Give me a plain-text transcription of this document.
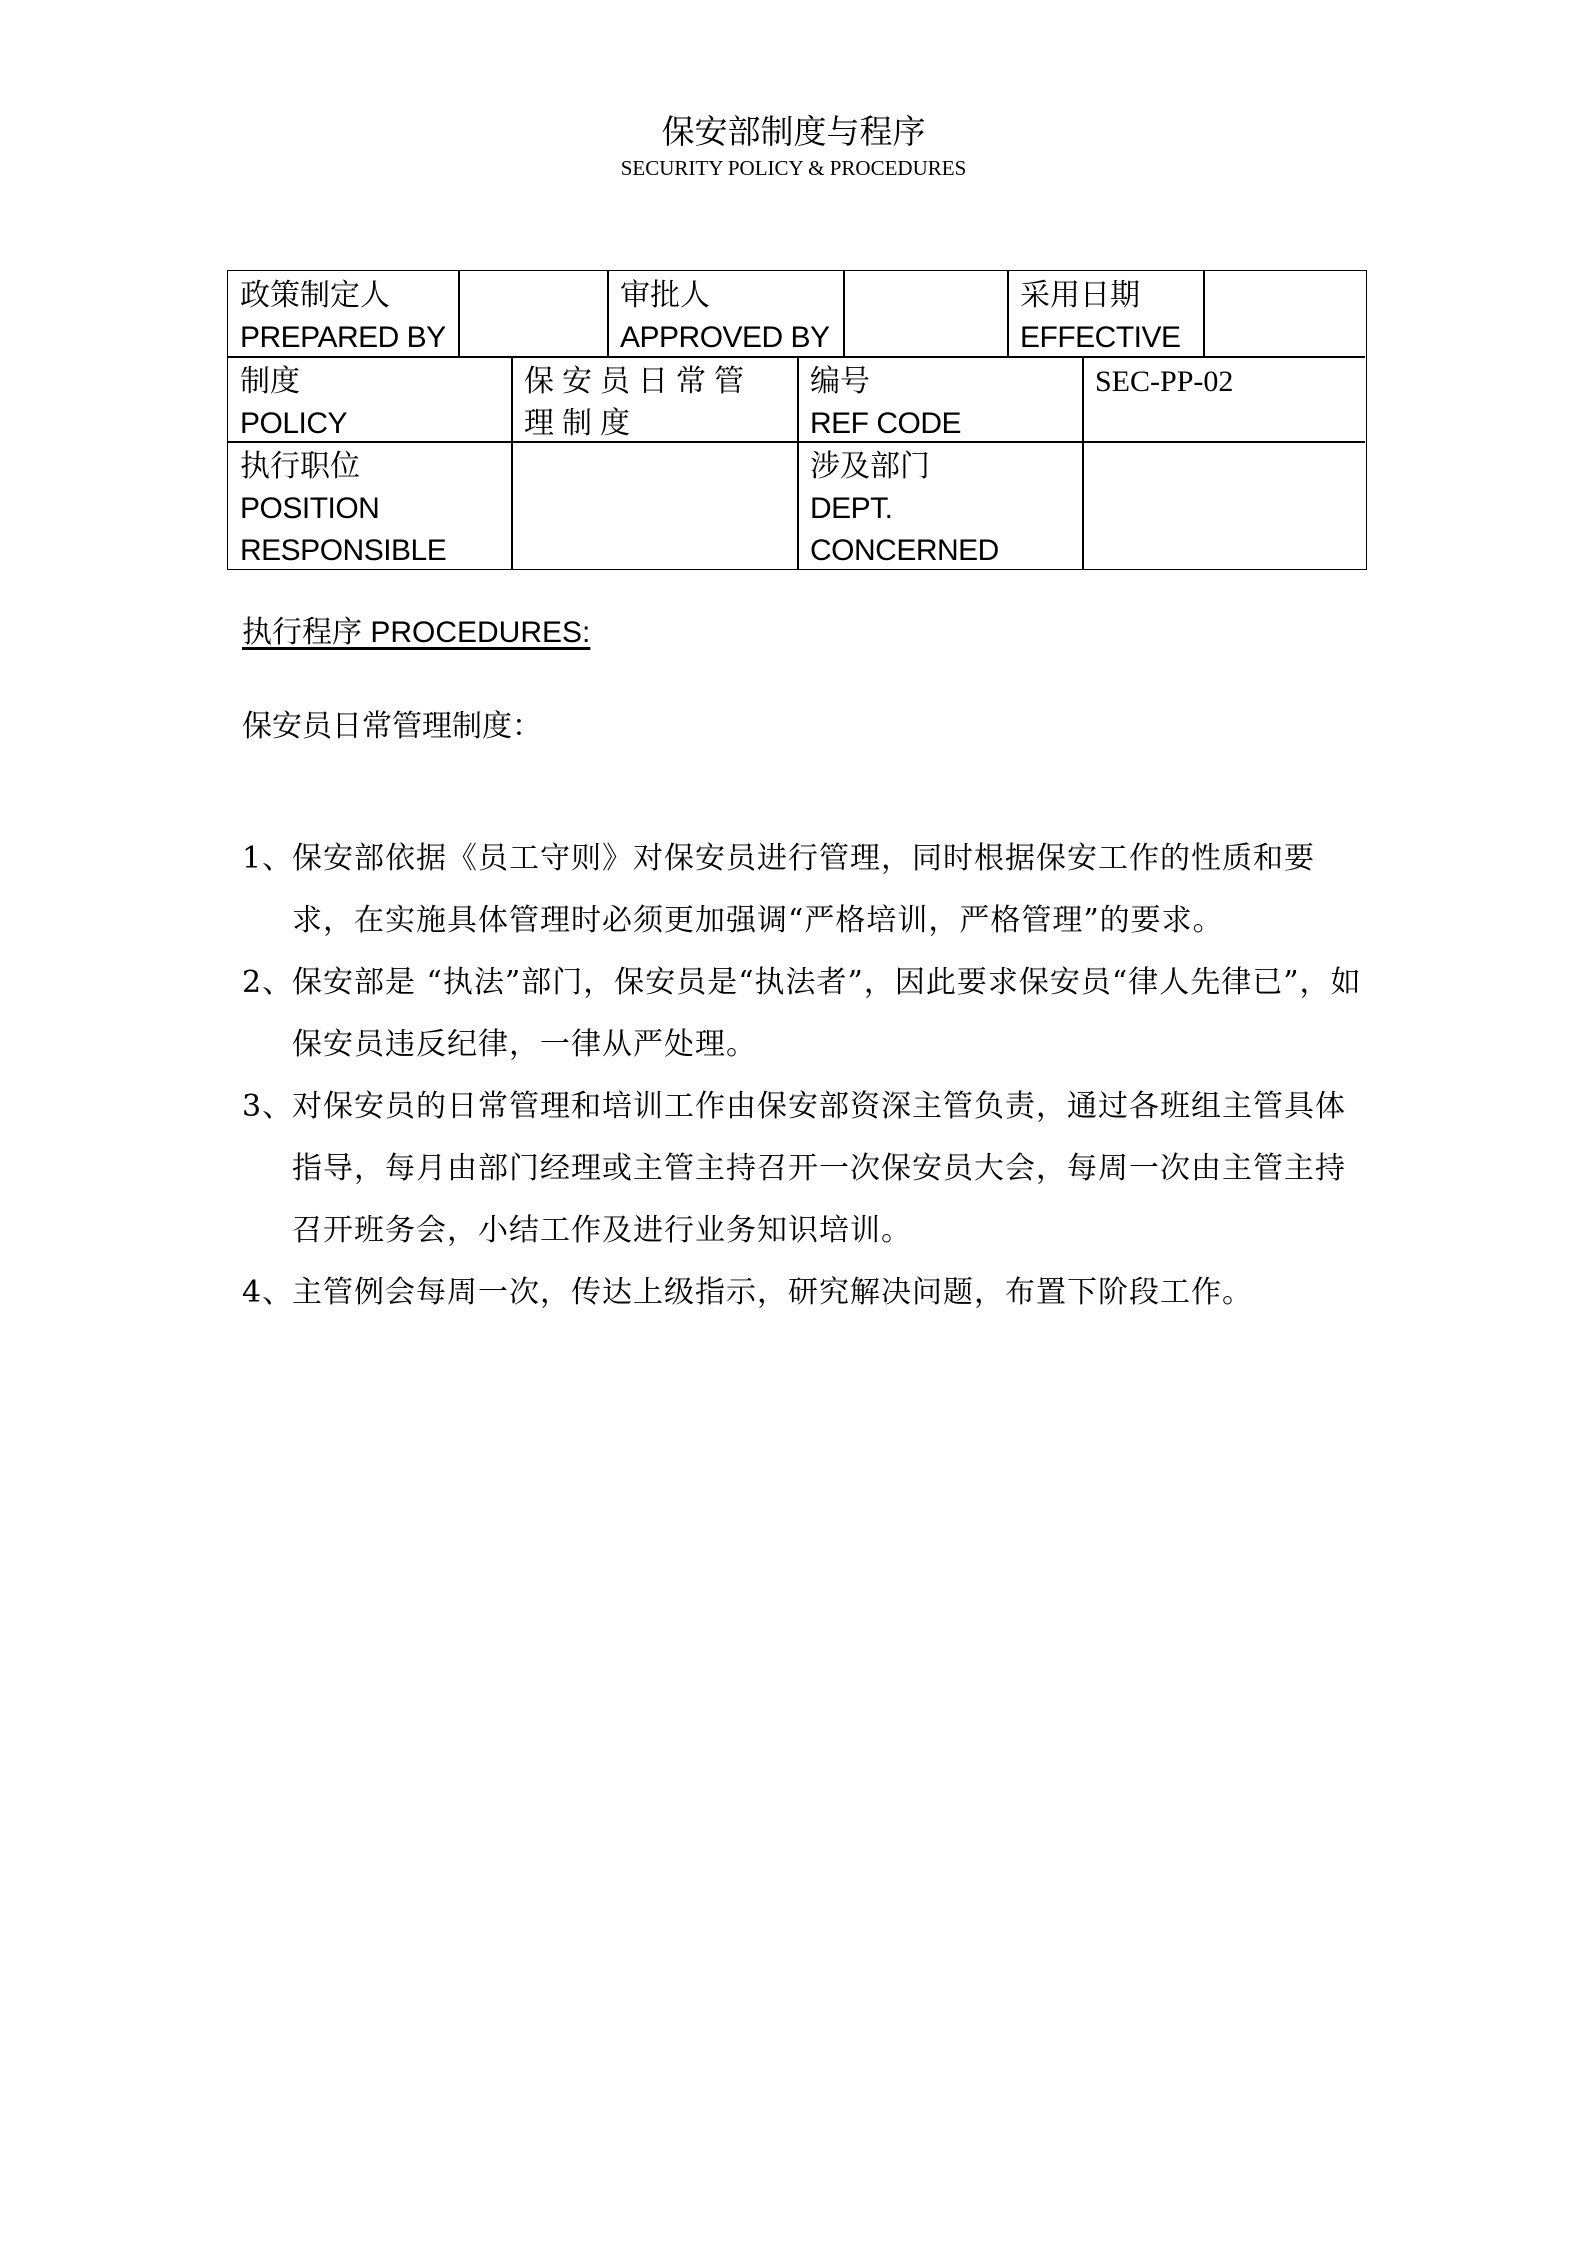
保安部制度与程序
SECURITY POLICY & PROCEDURES
政策制定人
PREPARED BY
审批人
APPROVED BY
采用日期
EFFECTIVE
制度
POLICY
保安员日常管理制度
编号
REF CODE
SEC-PP-02
执行职位
POSITION
RESPONSIBLE
涉及部门
DEPT.
CONCERNED
执行程序 PROCEDURES:
保安员日常管理制度：
1、
保安部依据《员工守则》对保安员进行管理，同时根据保安工作的性质和要求，在实施具体管理时必须更加强调“严格培训，严格管理”的要求。
2、
保安部是 “执法”部门，保安员是“执法者”，因此要求保安员“律人先律已”，如保安员违反纪律，一律从严处理。
3、
对保安员的日常管理和培训工作由保安部资深主管负责，通过各班组主管具体指导，每月由部门经理或主管主持召开一次保安员大会，每周一次由主管主持召开班务会，小结工作及进行业务知识培训。
4、
主管例会每周一次，传达上级指示，研究解决问题，布置下阶段工作。
